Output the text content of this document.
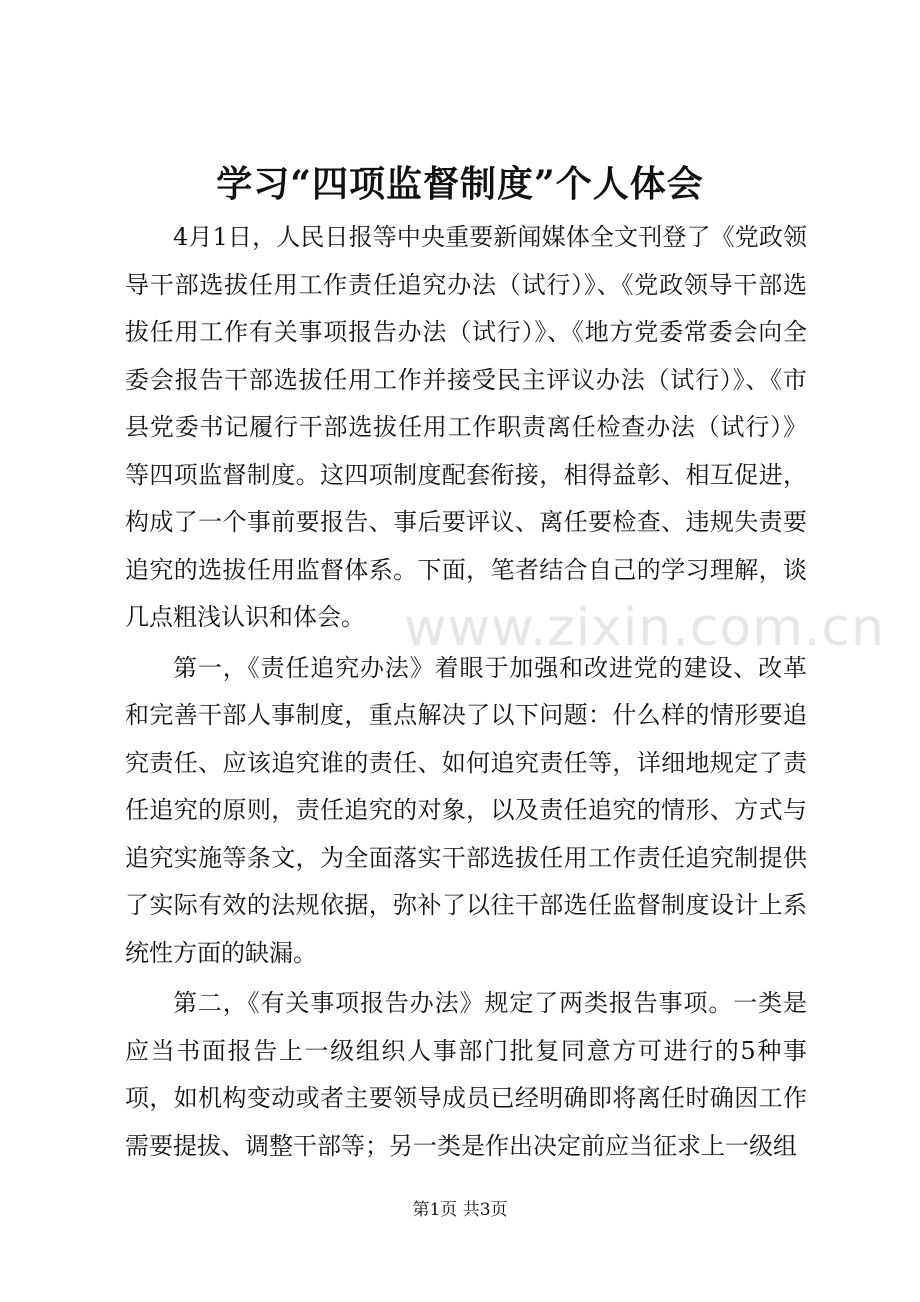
学习“四项监督制度”个人体会

4月1日，人民日报等中央重要新闻媒体全文刊登了《党政领导干部选拔任用工作责任追究办法（试行）》、《党政领导干部选拔任用工作有关事项报告办法（试行）》、《地方党委常委会向全委会报告干部选拔任用工作并接受民主评议办法（试行）》、《市县党委书记履行干部选拔任用工作职责离任检查办法（试行）》等四项监督制度。这四项制度配套衔接，相得益彰、相互促进，构成了一个事前要报告、事后要评议、离任要检查、违规失责要追究的选拔任用监督体系。下面，笔者结合自己的学习理解，谈几点粗浅认识和体会。

第一，《责任追究办法》着眼于加强和改进党的建设、改革和完善干部人事制度，重点解决了以下问题：什么样的情形要追究责任、应该追究谁的责任、如何追究责任等，详细地规定了责任追究的原则，责任追究的对象，以及责任追究的情形、方式与追究实施等条文，为全面落实干部选拔任用工作责任追究制提供了实际有效的法规依据，弥补了以往干部选任监督制度设计上系统性方面的缺漏。

第二，《有关事项报告办法》规定了两类报告事项。一类是应当书面报告上一级组织人事部门批复同意方可进行的5种事项，如机构变动或者主要领导成员已经明确即将离任时确因工作需要提拔、调整干部等；另一类是作出决定前应当征求上一级组

www.zixin.com.cn
第1页 共3页
